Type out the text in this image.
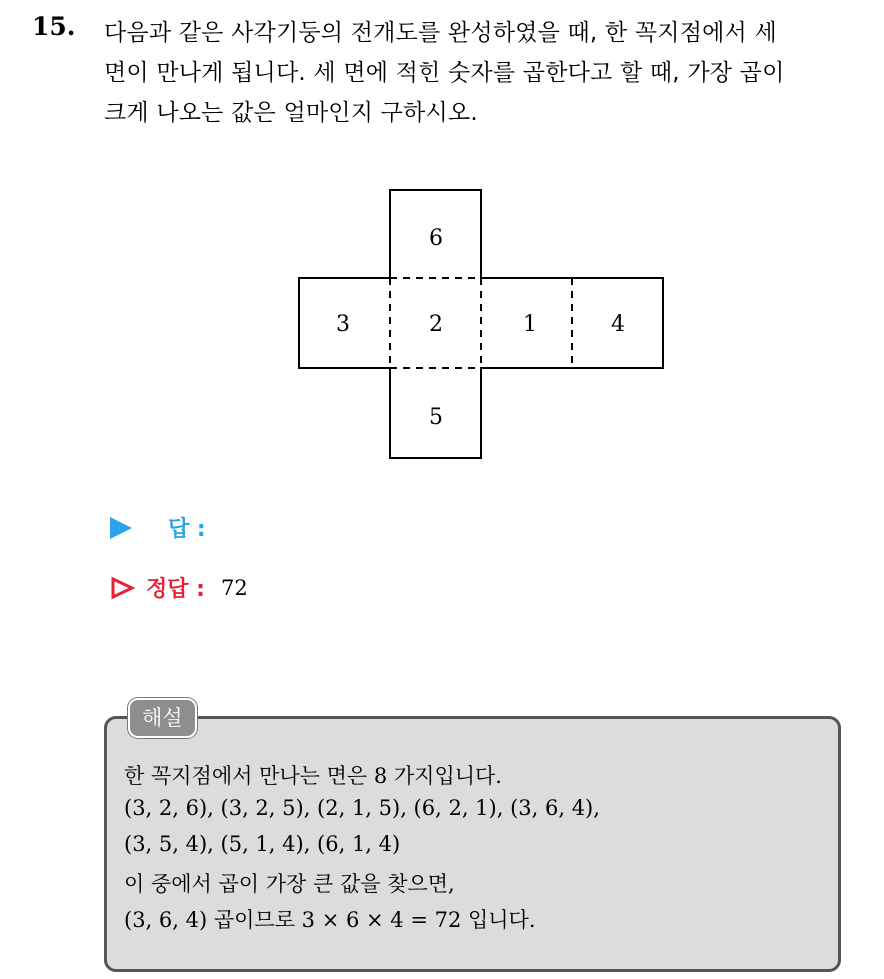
15. 다음과 같은 사각기둥의 전개도를 완성하였을 때, 한 꼭지점에서 세
면이 만나게 됩니다. 세 면에 적힌 숫자를 곱한다고 할 때, 가장 곱이
크게 나오는 값은 얼마인지 구하시오.
6
3	2	1	4
5
답 :
정답 : 72
해설
한 꼭지점에서 만나는 면은 8 가지입니다.
(3, 2, 6), (3, 2, 5), (2, 1, 5), (6, 2, 1), (3, 6, 4),
(3, 5, 4), (5, 1, 4), (6, 1, 4)
이 중에서 곱이 가장 큰 값을 찾으면,
(3, 6, 4) 곱이므로 3 × 6 × 4 = 72 입니다.
